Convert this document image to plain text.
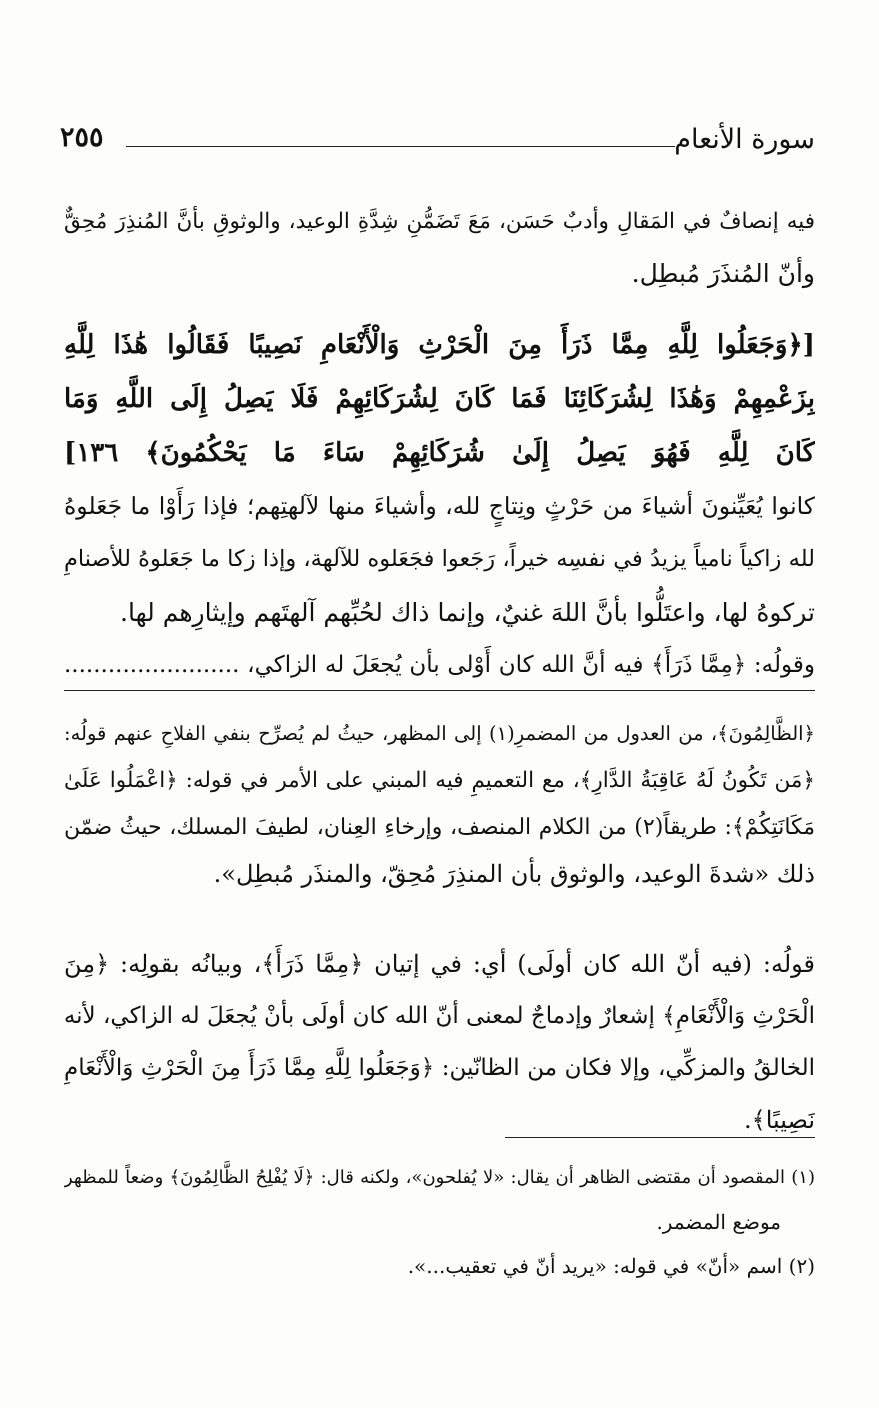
سورة الأنعام
٢٥٥
فيه إنصافٌ في المَقالِ وأدبٌ حَسَن، مَعَ تَضَمُّنِ شِدَّةِ الوعيد، والوثوقِ بأنَّ المُنذِرَ مُحِقٌّ
وأنّ المُنذَرَ مُبطِل.
[﴿وَجَعَلُوا لِلَّهِ مِمَّا ذَرَأَ مِنَ الْحَرْثِ وَالْأَنْعَامِ نَصِيبًا فَقَالُوا هَٰذَا لِلَّهِ
بِزَعْمِهِمْ وَهَٰذَا لِشُرَكَائِنَا فَمَا كَانَ لِشُرَكَائِهِمْ فَلَا يَصِلُ إِلَى اللَّهِ وَمَا
كَانَ لِلَّهِ فَهُوَ يَصِلُ إِلَىٰ شُرَكَائِهِمْ سَاءَ مَا يَحْكُمُونَ﴾ ١٣٦]
كانوا يُعَيِّنونَ أشياءَ من حَرْثٍ ونِتاجٍ لله، وأشياءَ منها لآلهتِهم؛ فإذا رَأَوْا ما جَعَلوهُ
لله زاكياً نامياً يزيدُ في نفسِه خيراً، رَجَعوا فجَعَلوه للآلهة، وإذا زكا ما جَعَلوهُ للأصنامِ
تركوهُ لها، واعتَلُّوا بأنَّ اللهَ غنيٌ، وإنما ذاك لحُبِّهم آلهتَهم وإيثارِهم لها.
وقولُه: ﴿مِمَّا ذَرَأَ﴾ فيه أنَّ الله كان أَوْلى بأن يُجعَلَ له الزاكي، ........................
﴿الظَّالِمُونَ﴾، من العدول من المضمرِ(١) إلى المظهر، حيثُ لم يُصرِّح بنفي الفلاحِ عنهم قولُه:
﴿مَن تَكُونُ لَهُ عَاقِبَةُ الدَّارِ﴾، مع التعميمِ فيه المبني على الأمر في قوله: ﴿اعْمَلُوا عَلَىٰ
مَكَانَتِكُمْ﴾: طريقاً(٢) من الكلام المنصف، وإرخاءِ العِنان، لطيفَ المسلك، حيثُ ضمّن
ذلك «شدةَ الوعيد، والوثوق بأن المنذِرَ مُحِقّ، والمنذَر مُبطِل».
قولُه: (فيه أنّ الله كان أولَى) أي: في إتيان ﴿مِمَّا ذَرَأَ﴾، وبيانُه بقولِه: ﴿مِنَ
الْحَرْثِ وَالْأَنْعَامِ﴾ إشعارٌ وإدماجٌ لمعنى أنّ الله كان أولَى بأنْ يُجعَلَ له الزاكي، لأنه
الخالقُ والمزكِّي، وإلا فكان من الظانّين: ﴿وَجَعَلُوا لِلَّهِ مِمَّا ذَرَأَ مِنَ الْحَرْثِ وَالْأَنْعَامِ
نَصِيبًا﴾.
(١) المقصود أن مقتضى الظاهر أن يقال: «لا يُفلحون»، ولكنه قال: ﴿لَا يُفْلِحُ الظَّالِمُونَ﴾ وضعاً للمظهر
موضع المضمر.
(٢) اسم «أنّ» في قوله: «يريد أنّ في تعقيب...».
